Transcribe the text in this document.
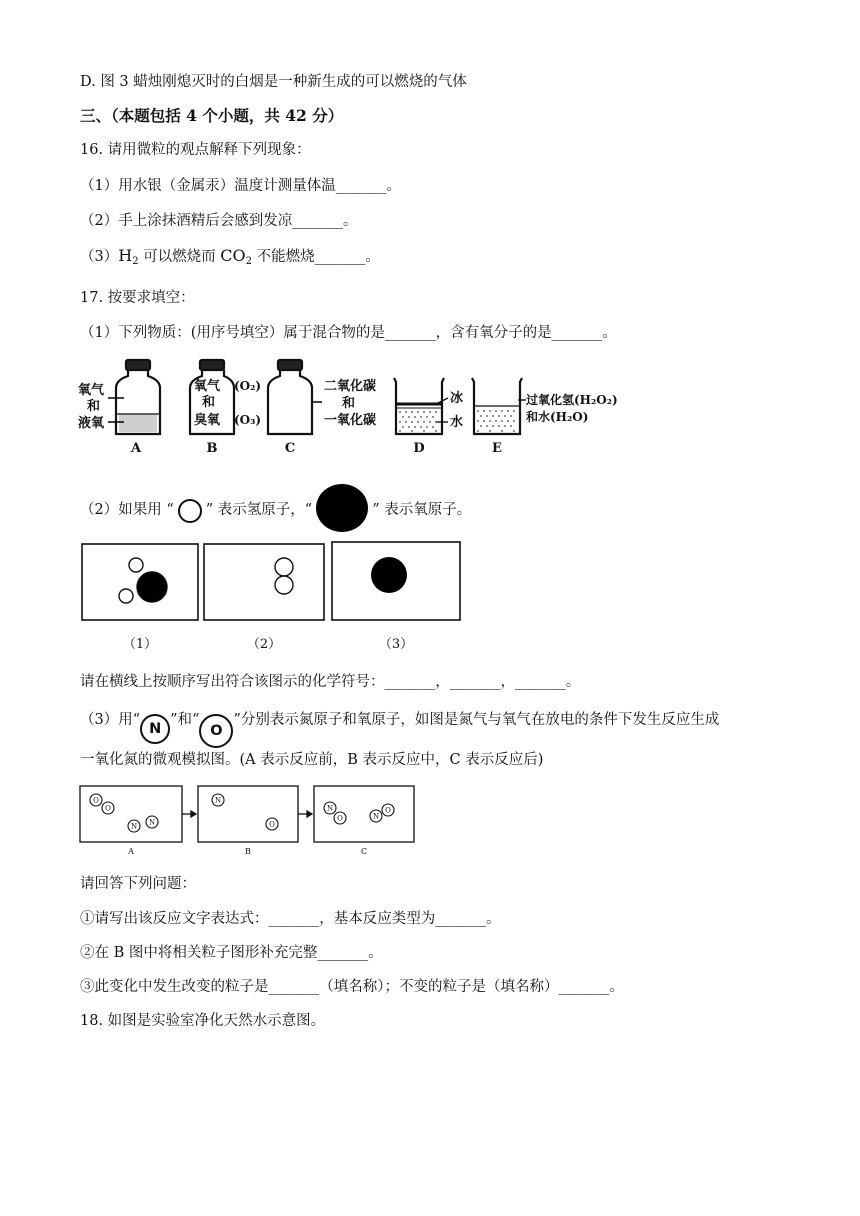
D. 图 3 蜡烛刚熄灭时的白烟是一种新生成的可以燃烧的气体
三、（本题包括 4 个小题，共 42 分）
16. 请用微粒的观点解释下列现象：
（1）用水银（金属汞）温度计测量体温_______。
（2）手上涂抹酒精后会感到发凉_______。
$(3)H_2$ 可以燃烧而 $CO_2$ 不能燃烧_______。
17. 按要求填空：
（1）下列物质：(用序号填空）属于混合物的是_______，含有氧分子的是_______。
氧气
和
液氧
氧气 (O₂)
和
臭氧 (O₃)
二氧化碳
和
一氧化碳
冰
水
过氧化氢(H₂O₂)
和水(H₂O)
A	B	C	D	E
（2）如果用 “ ” 表示氢原子，“	” 表示氧原子。
（1）	（2）	（3）
请在横线上按顺序写出符合该图示的化学符号：_______，_______，_______。
（3）用“N”和“O”分别表示氮原子和氧原子，如图是氮气与氧气在放电的条件下发生反应生成
一氧化氮的微观模拟图。(A 表示反应前，B 表示反应中，C 表示反应后)
O
O
N N
N
O
N
O	N
O
A	B	C
请回答下列问题：
①请写出该反应文字表达式：_______，基本反应类型为_______。
②在 B 图中将相关粒子图形补充完整_______。
③此变化中发生改变的粒子是_______（填名称）；不变的粒子是（填名称）_______。
18. 如图是实验室净化天然水示意图。
